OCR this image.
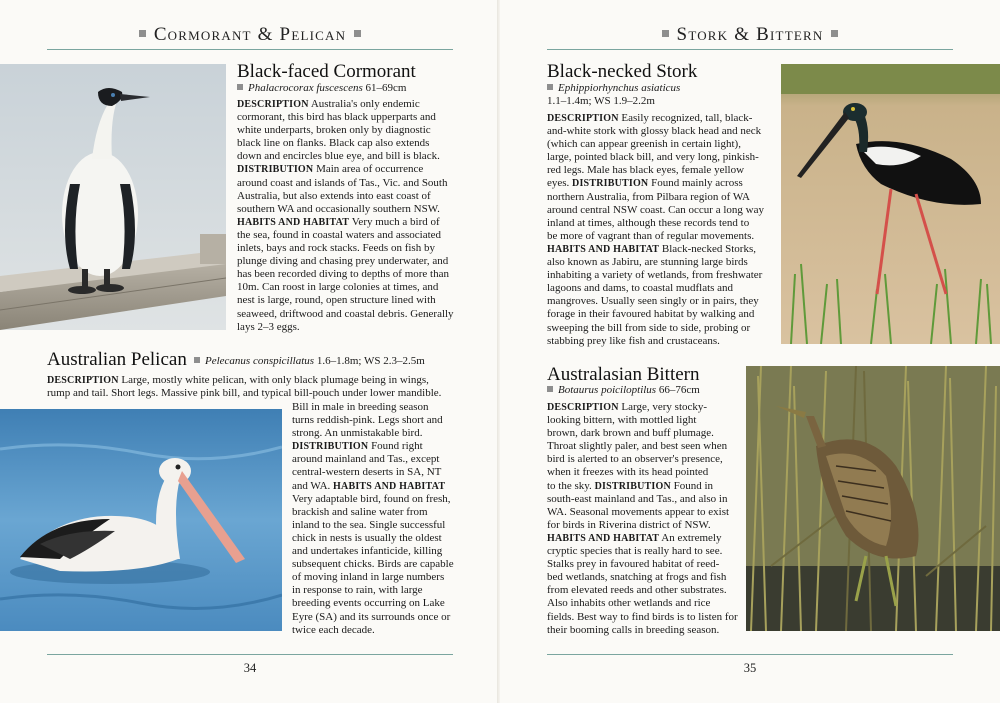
Cormorant & Pelican
Black-faced Cormorant
Phalacrocorax fuscescens 61–69cm
DESCRIPTION Australia's only endemic
cormorant, this bird has black upperparts and
white underparts, broken only by diagnostic
black line on flanks. Black cap also extends
down and encircles blue eye, and bill is black.
DISTRIBUTION Main area of occurrence
around coast and islands of Tas., Vic. and South
Australia, but also extends into east coast of
southern WA and occasionally southern NSW.
HABITS AND HABITAT Very much a bird of
the sea, found in coastal waters and associated
inlets, bays and rock stacks. Feeds on fish by
plunge diving and chasing prey underwater, and
has been recorded diving to depths of more than
10m. Can roost in large colonies at times, and
nest is large, round, open structure lined with
seaweed, driftwood and coastal debris. Generally
lays 2–3 eggs.
Australian Pelican	Pelecanus conspicillatus 1.6–1.8m; WS 2.3–2.5m
DESCRIPTION Large, mostly white pelican, with only black plumage being in wings,
rump and tail. Short legs. Massive pink bill, and typical bill-pouch under lower mandible.
Bill in male in breeding season
turns reddish-pink. Legs short and
strong. An unmistakable bird.
DISTRIBUTION Found right
around mainland and Tas., except
central-western deserts in SA, NT
and WA. HABITS AND HABITAT
Very adaptable bird, found on fresh,
brackish and saline water from
inland to the sea. Single successful
chick in nests is usually the oldest
and undertakes infanticide, killing
subsequent chicks. Birds are capable
of moving inland in large numbers
in response to rain, with large
breeding events occurring on Lake
Eyre (SA) and its surrounds once or
twice each decade.
34
Stork & Bittern
Black-necked Stork
Ephippiorhynchus asiaticus
1.1–1.4m; WS 1.9–2.2m
DESCRIPTION Easily recognized, tall, black-
and-white stork with glossy black head and neck
(which can appear greenish in certain light),
large, pointed black bill, and very long, pinkish-
red legs. Male has black eyes, female yellow
eyes. DISTRIBUTION Found mainly across
northern Australia, from Pilbara region of WA
around central NSW coast. Can occur a long way
inland at times, although these records tend to
be more of vagrant than of regular movements.
HABITS AND HABITAT Black-necked Storks,
also known as Jabiru, are stunning large birds
inhabiting a variety of wetlands, from freshwater
lagoons and dams, to coastal mudflats and
mangroves. Usually seen singly or in pairs, they
forage in their favoured habitat by walking and
sweeping the bill from side to side, probing or
stabbing prey like fish and crustaceans.
Australasian Bittern
Botaurus poiciloptilus 66–76cm
DESCRIPTION Large, very stocky-
looking bittern, with mottled light
brown, dark brown and buff plumage.
Throat slightly paler, and best seen when
bird is alerted to an observer's presence,
when it freezes with its head pointed
to the sky. DISTRIBUTION Found in
south-east mainland and Tas., and also in
WA. Seasonal movements appear to exist
for birds in Riverina district of NSW.
HABITS AND HABITAT An extremely
cryptic species that is really hard to see.
Stalks prey in favoured habitat of reed-
bed wetlands, snatching at frogs and fish
from elevated reeds and other substrates.
Also inhabits other wetlands and rice
fields. Best way to find birds is to listen for
their booming calls in breeding season.
35
